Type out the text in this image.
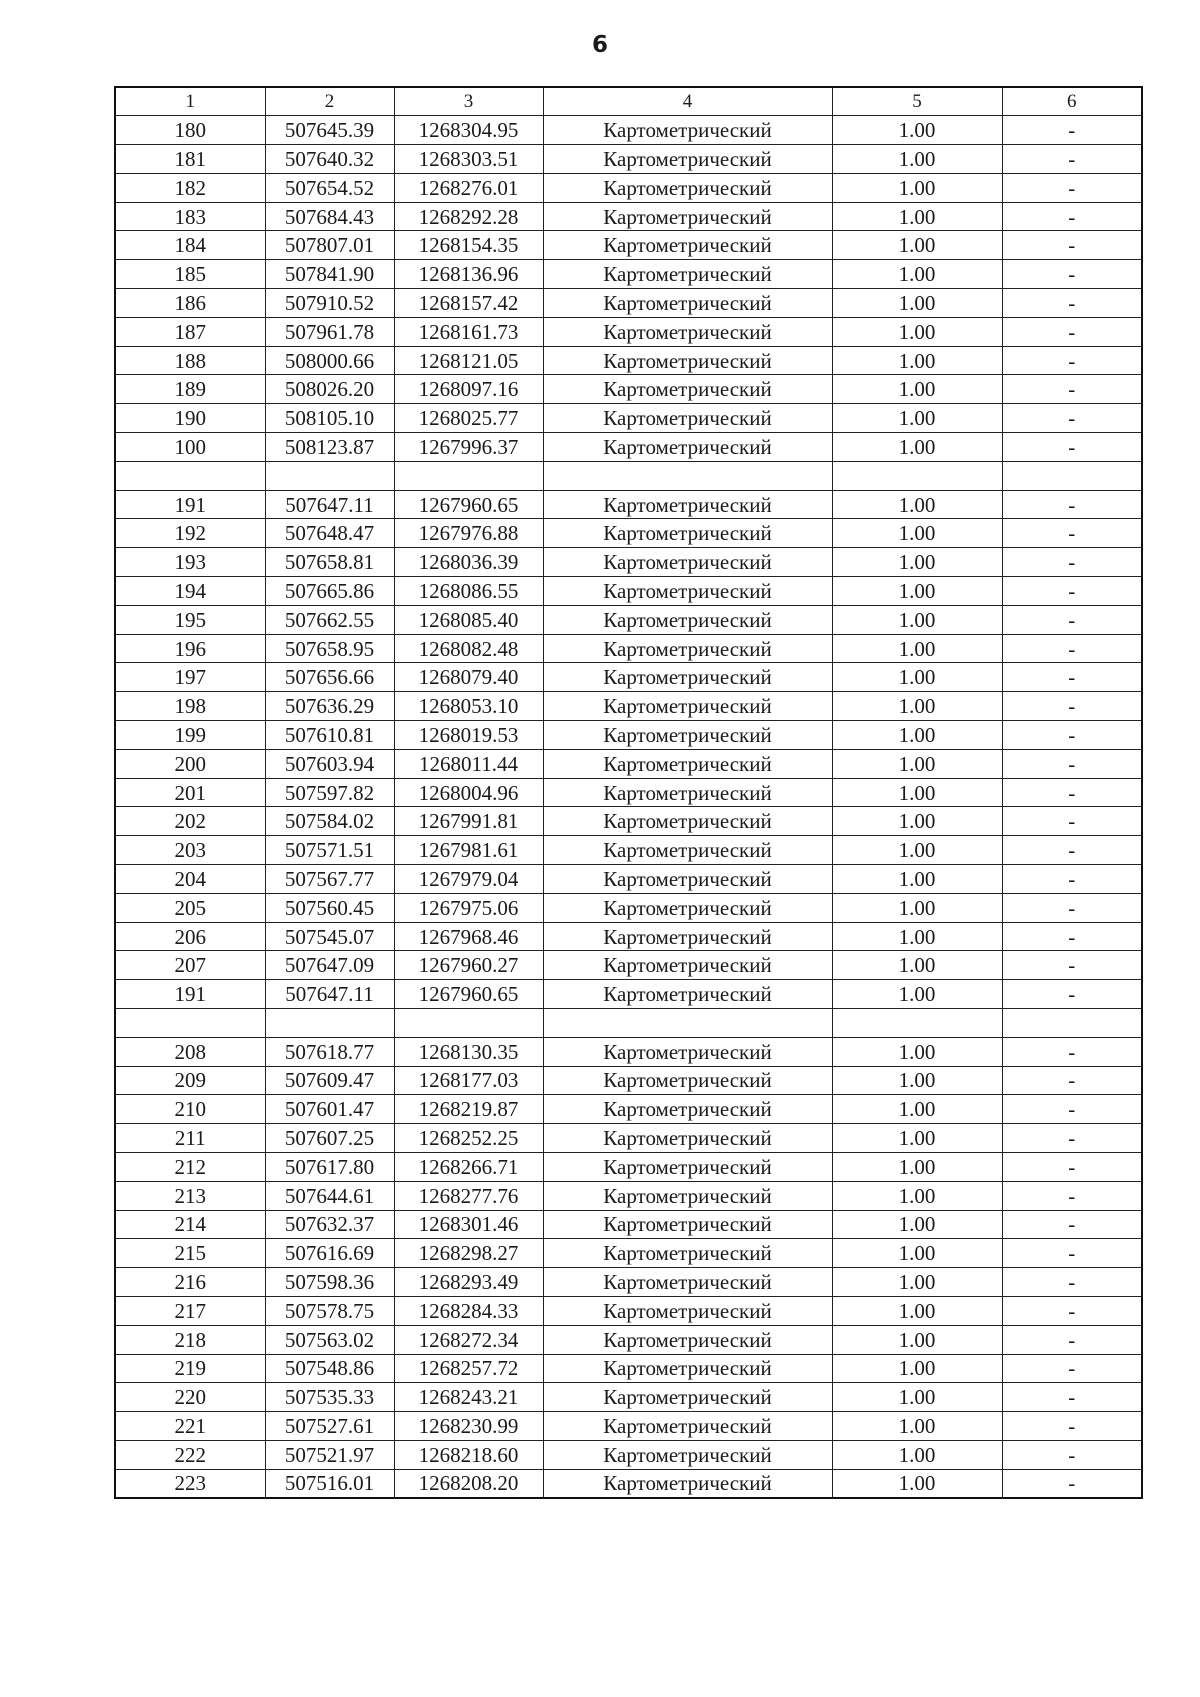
6
1	2	3	4	5	6
180	507645.39	1268304.95	Картометрический	1.00	-
181	507640.32	1268303.51	Картометрический	1.00	-
182	507654.52	1268276.01	Картометрический	1.00	-
183	507684.43	1268292.28	Картометрический	1.00	-
184	507807.01	1268154.35	Картометрический	1.00	-
185	507841.90	1268136.96	Картометрический	1.00	-
186	507910.52	1268157.42	Картометрический	1.00	-
187	507961.78	1268161.73	Картометрический	1.00	-
188	508000.66	1268121.05	Картометрический	1.00	-
189	508026.20	1268097.16	Картометрический	1.00	-
190	508105.10	1268025.77	Картометрический	1.00	-
100	508123.87	1267996.37	Картометрический	1.00	-

191	507647.11	1267960.65	Картометрический	1.00	-
192	507648.47	1267976.88	Картометрический	1.00	-
193	507658.81	1268036.39	Картометрический	1.00	-
194	507665.86	1268086.55	Картометрический	1.00	-
195	507662.55	1268085.40	Картометрический	1.00	-
196	507658.95	1268082.48	Картометрический	1.00	-
197	507656.66	1268079.40	Картометрический	1.00	-
198	507636.29	1268053.10	Картометрический	1.00	-
199	507610.81	1268019.53	Картометрический	1.00	-
200	507603.94	1268011.44	Картометрический	1.00	-
201	507597.82	1268004.96	Картометрический	1.00	-
202	507584.02	1267991.81	Картометрический	1.00	-
203	507571.51	1267981.61	Картометрический	1.00	-
204	507567.77	1267979.04	Картометрический	1.00	-
205	507560.45	1267975.06	Картометрический	1.00	-
206	507545.07	1267968.46	Картометрический	1.00	-
207	507647.09	1267960.27	Картометрический	1.00	-
191	507647.11	1267960.65	Картометрический	1.00	-

208	507618.77	1268130.35	Картометрический	1.00	-
209	507609.47	1268177.03	Картометрический	1.00	-
210	507601.47	1268219.87	Картометрический	1.00	-
211	507607.25	1268252.25	Картометрический	1.00	-
212	507617.80	1268266.71	Картометрический	1.00	-
213	507644.61	1268277.76	Картометрический	1.00	-
214	507632.37	1268301.46	Картометрический	1.00	-
215	507616.69	1268298.27	Картометрический	1.00	-
216	507598.36	1268293.49	Картометрический	1.00	-
217	507578.75	1268284.33	Картометрический	1.00	-
218	507563.02	1268272.34	Картометрический	1.00	-
219	507548.86	1268257.72	Картометрический	1.00	-
220	507535.33	1268243.21	Картометрический	1.00	-
221	507527.61	1268230.99	Картометрический	1.00	-
222	507521.97	1268218.60	Картометрический	1.00	-
223	507516.01	1268208.20	Картометрический	1.00	-
